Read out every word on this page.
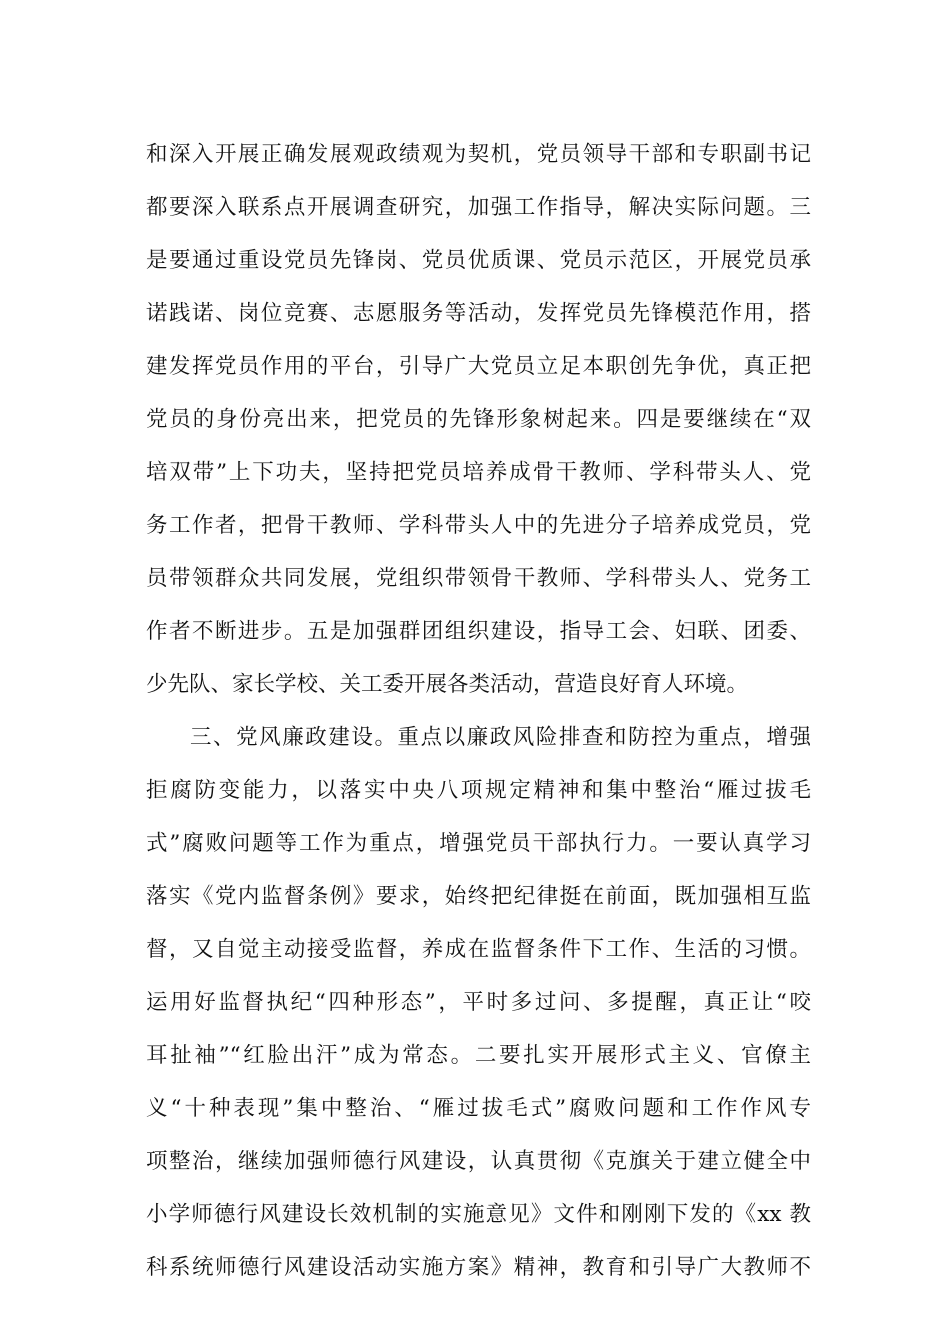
和深入开展正确发展观政绩观为契机，党员领导干部和专职副书记
都要深入联系点开展调查研究，加强工作指导，解决实际问题。三
是要通过重设党员先锋岗、党员优质课、党员示范区，开展党员承
诺践诺、岗位竞赛、志愿服务等活动，发挥党员先锋模范作用，搭
建发挥党员作用的平台，引导广大党员立足本职创先争优，真正把
党员的身份亮出来，把党员的先锋形象树起来。四是要继续在“双
培双带”上下功夫，坚持把党员培养成骨干教师、学科带头人、党
务工作者，把骨干教师、学科带头人中的先进分子培养成党员，党
员带领群众共同发展，党组织带领骨干教师、学科带头人、党务工
作者不断进步。五是加强群团组织建设，指导工会、妇联、团委、
少先队、家长学校、关工委开展各类活动，营造良好育人环境。
三、党风廉政建设。重点以廉政风险排查和防控为重点，增强
拒腐防变能力，以落实中央八项规定精神和集中整治“雁过拔毛
式”腐败问题等工作为重点，增强党员干部执行力。一要认真学习
落实《党内监督条例》要求，始终把纪律挺在前面，既加强相互监
督，又自觉主动接受监督，养成在监督条件下工作、生活的习惯。
运用好监督执纪“四种形态”，平时多过问、多提醒，真正让“咬
耳扯袖”“红脸出汗”成为常态。二要扎实开展形式主义、官僚主
义“十种表现”集中整治、“雁过拔毛式”腐败问题和工作作风专
项整治，继续加强师德行风建设，认真贯彻《克旗关于建立健全中
小学师德行风建设长效机制的实施意见》文件和刚刚下发的《xx 教
科系统师德行风建设活动实施方案》精神，教育和引导广大教师不
